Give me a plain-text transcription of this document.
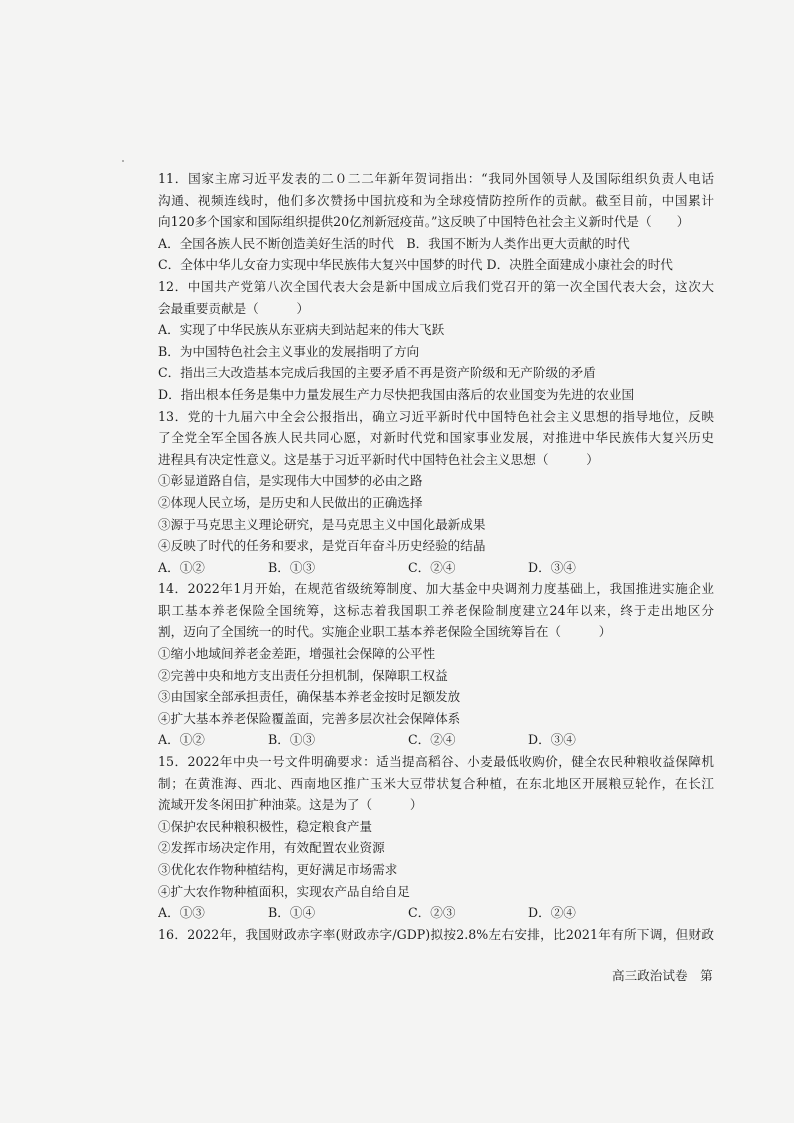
11．国家主席习近平发表的二０二二年新年贺词指出：“我同外国领导人及国际组织负责人电话
沟通、视频连线时，他们多次赞扬中国抗疫和为全球疫情防控所作的贡献。截至目前，中国累计
向120多个国家和国际组织提供20亿剂新冠疫苗。”这反映了中国特色社会主义新时代是（　　）
A．全国各族人民不断创造美好生活的时代　B．我国不断为人类作出更大贡献的时代
C．全体中华儿女奋力实现中华民族伟大复兴中国梦的时代 D．决胜全面建成小康社会的时代
12．中国共产党第八次全国代表大会是新中国成立后我们党召开的第一次全国代表大会，这次大
会最重要贡献是（　　　）
A．实现了中华民族从东亚病夫到站起来的伟大飞跃
B．为中国特色社会主义事业的发展指明了方向
C．指出三大改造基本完成后我国的主要矛盾不再是资产阶级和无产阶级的矛盾
D．指出根本任务是集中力量发展生产力尽快把我国由落后的农业国变为先进的农业国
13．党的十九届六中全会公报指出，确立习近平新时代中国特色社会主义思想的指导地位，反映
了全党全军全国各族人民共同心愿，对新时代党和国家事业发展，对推进中华民族伟大复兴历史
进程具有决定性意义。这是基于习近平新时代中国特色社会主义思想（　　　）
①彰显道路自信，是实现伟大中国梦的必由之路
②体现人民立场，是历史和人民做出的正确选择
③源于马克思主义理论研究，是马克思主义中国化最新成果
④反映了时代的任务和要求，是党百年奋斗历史经验的结晶
A．①②	B．①③	C．②④	D．③④
14．2022年1月开始，在规范省级统筹制度、加大基金中央调剂力度基础上，我国推进实施企业
职工基本养老保险全国统筹，这标志着我国职工养老保险制度建立24年以来，终于走出地区分
割，迈向了全国统一的时代。实施企业职工基本养老保险全国统筹旨在（　　　）
①缩小地域间养老金差距，增强社会保障的公平性
②完善中央和地方支出责任分担机制，保障职工权益
③由国家全部承担责任，确保基本养老金按时足额发放
④扩大基本养老保险覆盖面，完善多层次社会保障体系
A．①②	B．①③	C．②④	D．③④
15．2022年中央一号文件明确要求：适当提高稻谷、小麦最低收购价，健全农民种粮收益保障机
制；在黄淮海、西北、西南地区推广玉米大豆带状复合种植，在东北地区开展粮豆轮作，在长江
流域开发冬闲田扩种油菜。这是为了（　　　）
①保护农民种粮积极性，稳定粮食产量
②发挥市场决定作用，有效配置农业资源
③优化农作物种植结构，更好满足市场需求
④扩大农作物种植面积，实现农产品自给自足
A．①③	B．①④	C．②③	D．②④
16．2022年，我国财政赤字率(财政赤字/GDP)拟按2.8%左右安排，比2021年有所下调，但财政
高三政治试卷　第
